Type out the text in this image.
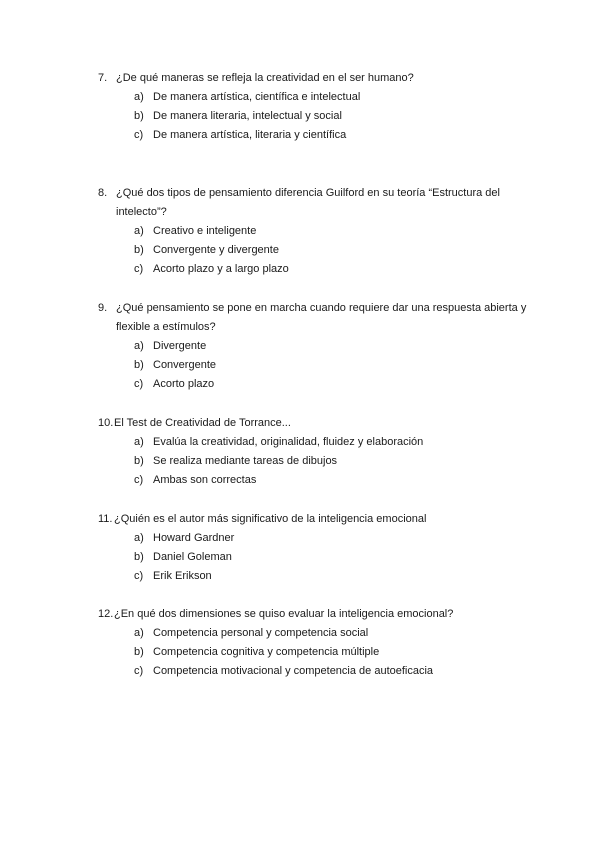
7. ¿De qué maneras se refleja la creatividad en el ser humano?
a) De manera artística, científica e intelectual
b) De manera literaria, intelectual y social
c) De manera artística, literaria y científica
8. ¿Qué dos tipos de pensamiento diferencia Guilford en su teoría “Estructura del
intelecto”?
a) Creativo e inteligente
b) Convergente y divergente
c) Acorto plazo y a largo plazo
9. ¿Qué pensamiento se pone en marcha cuando requiere dar una respuesta abierta y
flexible a estímulos?
a) Divergente
b) Convergente
c) Acorto plazo
10. El Test de Creatividad de Torrance...
a) Evalúa la creatividad, originalidad, fluidez y elaboración
b) Se realiza mediante tareas de dibujos
c) Ambas son correctas
11. ¿Quién es el autor más significativo de la inteligencia emocional
a) Howard Gardner
b) Daniel Goleman
c) Erik Erikson
12. ¿En qué dos dimensiones se quiso evaluar la inteligencia emocional?
a) Competencia personal y competencia social
b) Competencia cognitiva y competencia múltiple
c) Competencia motivacional y competencia de autoeficacia
